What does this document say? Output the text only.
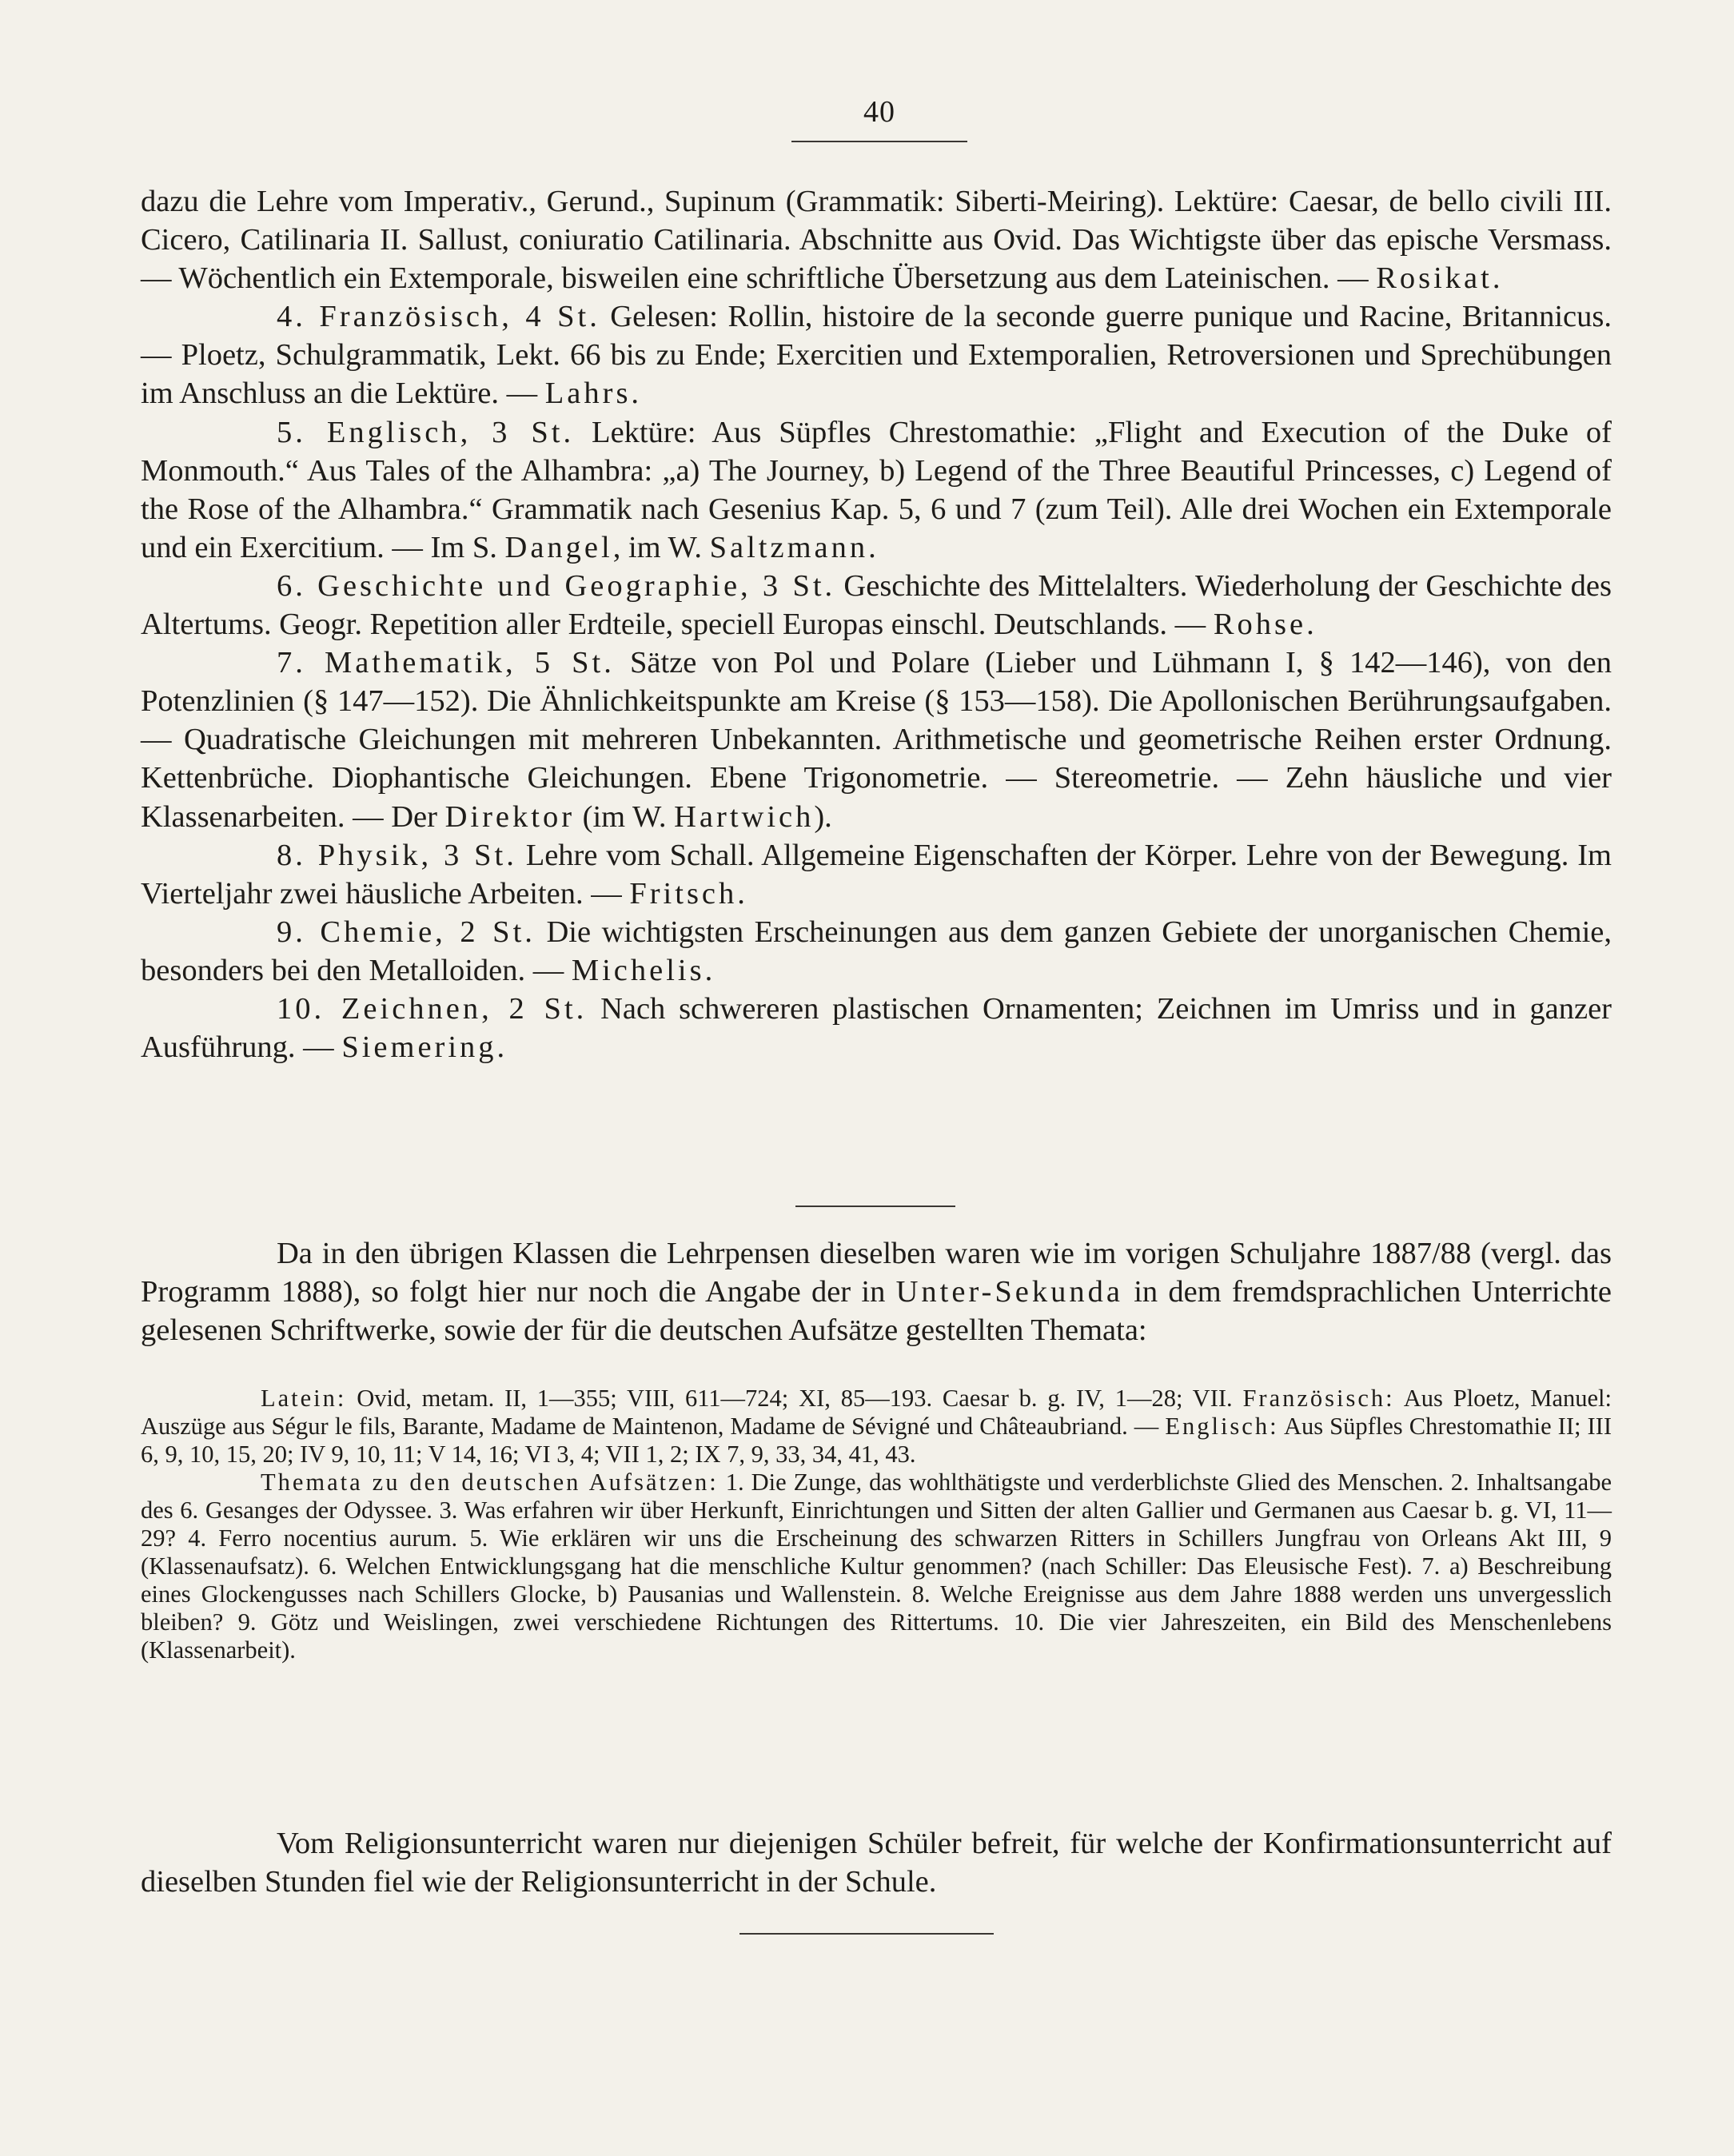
40

dazu die Lehre vom Imperativ., Gerund., Supinum (Grammatik: Siberti-Meiring). Lektüre: Caesar, de bello civili III. Cicero, Catilinaria II. Sallust, coniuratio Catilinaria. Abschnitte aus Ovid. Das Wichtigste über das epische Versmass. — Wöchentlich ein Extemporale, bisweilen eine schriftliche Übersetzung aus dem Lateinischen. — Rosikat.

4. Französisch, 4 St. Gelesen: Rollin, histoire de la seconde guerre punique und Racine, Britannicus. — Ploetz, Schulgrammatik, Lekt. 66 bis zu Ende; Exercitien und Extemporalien, Retroversionen und Sprechübungen im Anschluss an die Lektüre. — Lahrs.

5. Englisch, 3 St. Lektüre: Aus Süpfles Chrestomathie: „Flight and Execution of the Duke of Monmouth.“ Aus Tales of the Alhambra: „a) The Journey, b) Legend of the Three Beautiful Princesses, c) Legend of the Rose of the Alhambra.“ Grammatik nach Gesenius Kap. 5, 6 und 7 (zum Teil). Alle drei Wochen ein Extemporale und ein Exercitium. — Im S. Dangel, im W. Saltzmann.

6. Geschichte und Geographie, 3 St. Geschichte des Mittelalters. Wiederholung der Geschichte des Altertums. Geogr. Repetition aller Erdteile, speciell Europas einschl. Deutschlands. — Rohse.

7. Mathematik, 5 St. Sätze von Pol und Polare (Lieber und Lühmann I, § 142—146), von den Potenzlinien (§ 147—152). Die Ähnlichkeitspunkte am Kreise (§ 153—158). Die Apollonischen Berührungsaufgaben. — Quadratische Gleichungen mit mehreren Unbekannten. Arithmetische und geometrische Reihen erster Ordnung. Kettenbrüche. Diophantische Gleichungen. Ebene Trigonometrie. — Stereometrie. — Zehn häusliche und vier Klassenarbeiten. — Der Direktor (im W. Hartwich).

8. Physik, 3 St. Lehre vom Schall. Allgemeine Eigenschaften der Körper. Lehre von der Bewegung. Im Vierteljahr zwei häusliche Arbeiten. — Fritsch.

9. Chemie, 2 St. Die wichtigsten Erscheinungen aus dem ganzen Gebiete der unorganischen Chemie, besonders bei den Metalloiden. — Michelis.

10. Zeichnen, 2 St. Nach schwereren plastischen Ornamenten; Zeichnen im Umriss und in ganzer Ausführung. — Siemering.

Da in den übrigen Klassen die Lehrpensen dieselben waren wie im vorigen Schuljahre 1887/88 (vergl. das Programm 1888), so folgt hier nur noch die Angabe der in Unter-Sekunda in dem fremdsprachlichen Unterrichte gelesenen Schriftwerke, sowie der für die deutschen Aufsätze gestellten Themata:

Latein: Ovid, metam. II, 1—355; VIII, 611—724; XI, 85—193. Caesar b. g. IV, 1—28; VII. Französisch: Aus Ploetz, Manuel: Auszüge aus Ségur le fils, Barante, Madame de Maintenon, Madame de Sévigné und Châteaubriand. — Englisch: Aus Süpfles Chrestomathie II; III 6, 9, 10, 15, 20; IV 9, 10, 11; V 14, 16; VI 3, 4; VII 1, 2; IX 7, 9, 33, 34, 41, 43.

Themata zu den deutschen Aufsätzen: 1. Die Zunge, das wohlthätigste und verderblichste Glied des Menschen. 2. Inhaltsangabe des 6. Gesanges der Odyssee. 3. Was erfahren wir über Herkunft, Einrichtungen und Sitten der alten Gallier und Germanen aus Caesar b. g. VI, 11—29? 4. Ferro nocentius aurum. 5. Wie erklären wir uns die Erscheinung des schwarzen Ritters in Schillers Jungfrau von Orleans Akt III, 9 (Klassenaufsatz). 6. Welchen Entwicklungsgang hat die menschliche Kultur genommen? (nach Schiller: Das Eleusische Fest). 7. a) Beschreibung eines Glockengusses nach Schillers Glocke, b) Pausanias und Wallenstein. 8. Welche Ereignisse aus dem Jahre 1888 werden uns unvergesslich bleiben? 9. Götz und Weislingen, zwei verschiedene Richtungen des Rittertums. 10. Die vier Jahreszeiten, ein Bild des Menschenlebens (Klassenarbeit).

Vom Religionsunterricht waren nur diejenigen Schüler befreit, für welche der Konfirmationsunterricht auf dieselben Stunden fiel wie der Religionsunterricht in der Schule.
